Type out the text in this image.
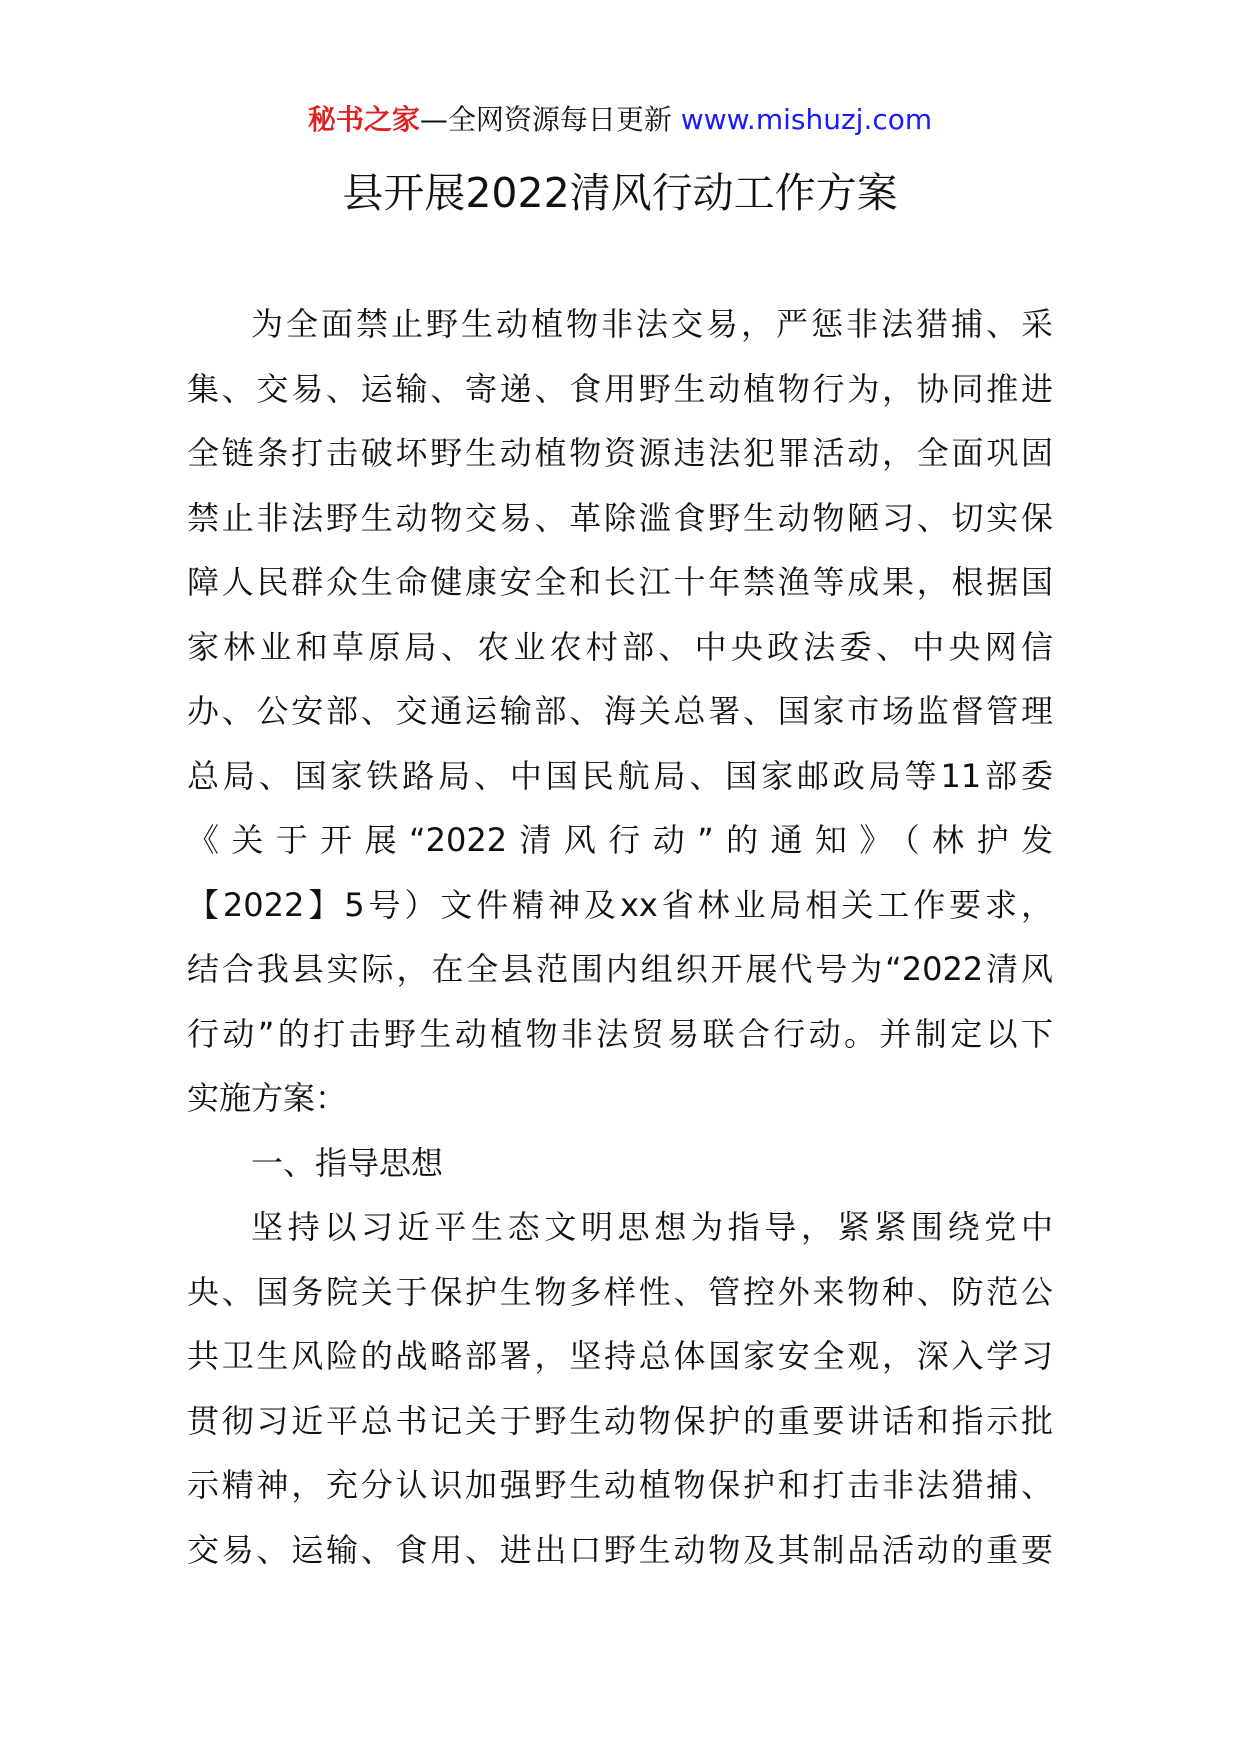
秘书之家—全网资源每日更新 www.mishuzj.com
县开展2022清风行动工作方案
为全面禁止野生动植物非法交易，严惩非法猎捕、采
集、交易、运输、寄递、食用野生动植物行为，协同推进
全链条打击破坏野生动植物资源违法犯罪活动，全面巩固
禁止非法野生动物交易、革除滥食野生动物陋习、切实保
障人民群众生命健康安全和长江十年禁渔等成果，根据国
家林业和草原局、农业农村部、中央政法委、中央网信
办、公安部、交通运输部、海关总署、国家市场监督管理
总局、国家铁路局、中国民航局、国家邮政局等11部委
《关于开展“2022清风行动”的通知》（林护发
【2022】5号）文件精神及xx省林业局相关工作要求，
结合我县实际，在全县范围内组织开展代号为“2022清风
行动”的打击野生动植物非法贸易联合行动。并制定以下
实施方案：
一、指导思想
坚持以习近平生态文明思想为指导，紧紧围绕党中
央、国务院关于保护生物多样性、管控外来物种、防范公
共卫生风险的战略部署，坚持总体国家安全观，深入学习
贯彻习近平总书记关于野生动物保护的重要讲话和指示批
示精神，充分认识加强野生动植物保护和打击非法猎捕、
交易、运输、食用、进出口野生动物及其制品活动的重要
